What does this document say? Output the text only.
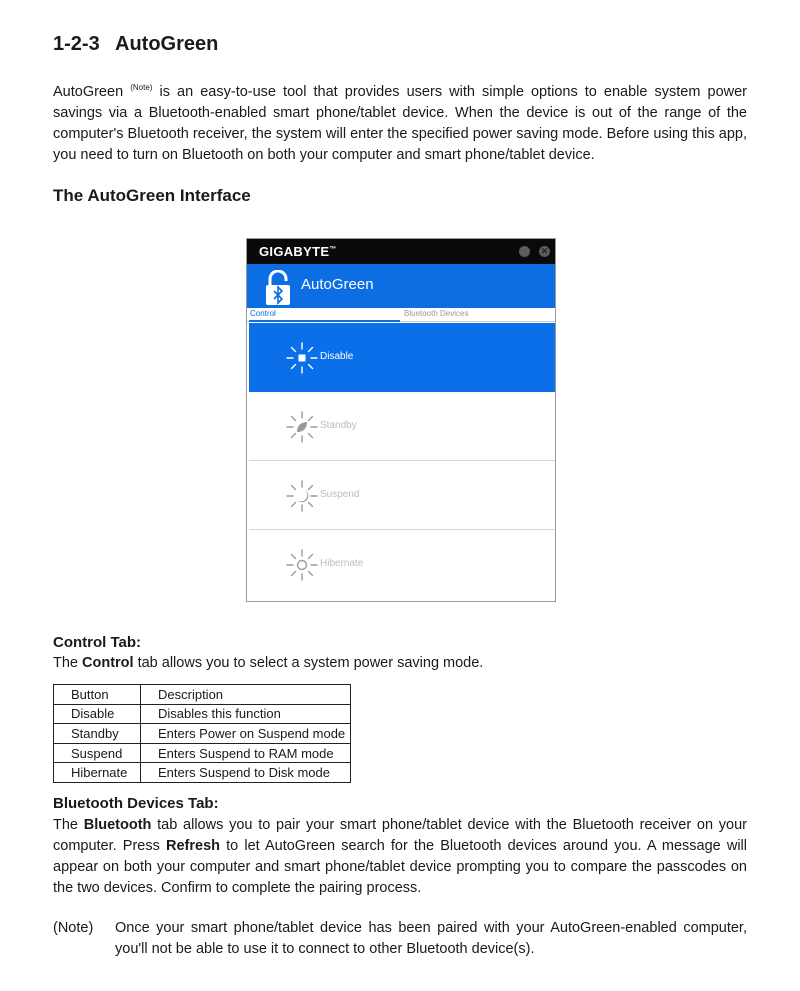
1-2-3 AutoGreen

AutoGreen $^{(Note)}$ is an easy-to-use tool that provides users with simple options to enable system power savings via a Bluetooth-enabled smart phone/tablet device. When the device is out of the range of the computer's Bluetooth receiver, the system will enter the specified power saving mode. Before using this app, you need to turn on Bluetooth on both your computer and smart phone/tablet device.

The AutoGreen Interface
GIGABYTE™	✕
AutoGreen
Control	Bluetooth Devices
Disable
Standby
Suspend
Hibernate
Control Tab:

The Control tab allows you to select a system power saving mode.

Button	Description
Disable	Disables this function
Standby	Enters Power on Suspend mode
Suspend	Enters Suspend to RAM mode
Hibernate	Enters Suspend to Disk mode
Bluetooth Devices Tab:

The Bluetooth tab allows you to pair your smart phone/tablet device with the Bluetooth receiver on your computer. Press Refresh to let AutoGreen search for the Bluetooth devices around you. A message will appear on both your computer and smart phone/tablet device prompting you to compare the passcodes on the two devices. Confirm to complete the pairing process.

(Note) Once your smart phone/tablet device has been paired with your AutoGreen-enabled computer, you'll not be able to use it to connect to other Bluetooth device(s).
